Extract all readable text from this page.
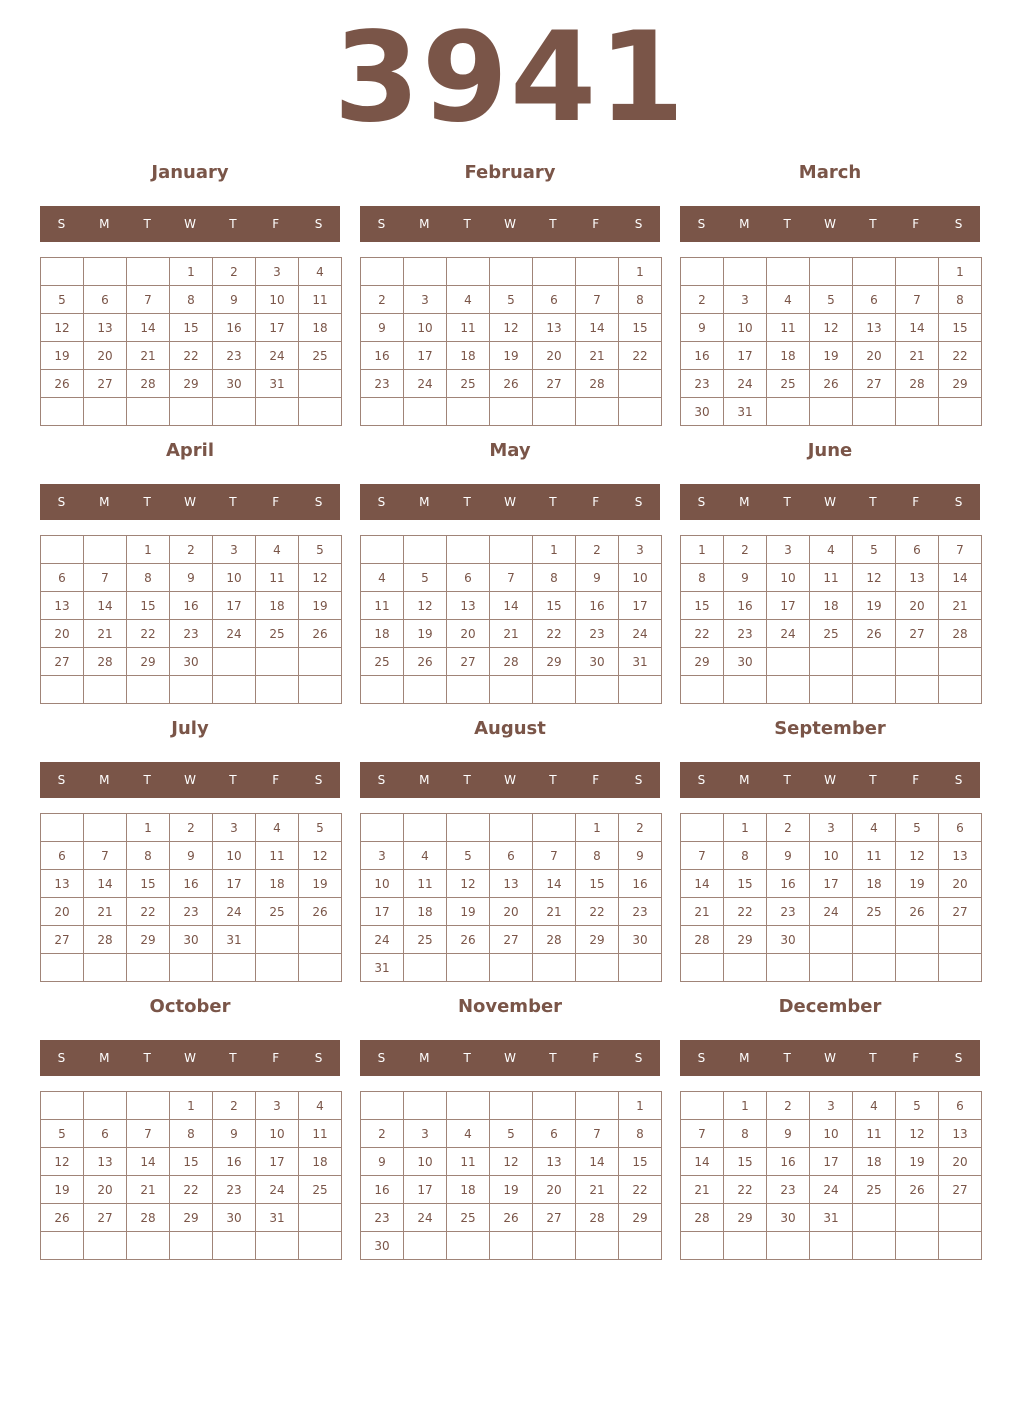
3941
January
S	M	T	W	T	F	S
			1	2	3	4
5	6	7	8	9	10	11
12	13	14	15	16	17	18
19	20	21	22	23	24	25
26	27	28	29	30	31	

February
S	M	T	W	T	F	S
						1
2	3	4	5	6	7	8
9	10	11	12	13	14	15
16	17	18	19	20	21	22
23	24	25	26	27	28	

March
S	M	T	W	T	F	S
						1
2	3	4	5	6	7	8
9	10	11	12	13	14	15
16	17	18	19	20	21	22
23	24	25	26	27	28	29
30	31					
April
S	M	T	W	T	F	S
		1	2	3	4	5
6	7	8	9	10	11	12
13	14	15	16	17	18	19
20	21	22	23	24	25	26
27	28	29	30			

May
S	M	T	W	T	F	S
				1	2	3
4	5	6	7	8	9	10
11	12	13	14	15	16	17
18	19	20	21	22	23	24
25	26	27	28	29	30	31

June
S	M	T	W	T	F	S
1	2	3	4	5	6	7
8	9	10	11	12	13	14
15	16	17	18	19	20	21
22	23	24	25	26	27	28
29	30					

July
S	M	T	W	T	F	S
		1	2	3	4	5
6	7	8	9	10	11	12
13	14	15	16	17	18	19
20	21	22	23	24	25	26
27	28	29	30	31		

August
S	M	T	W	T	F	S
					1	2
3	4	5	6	7	8	9
10	11	12	13	14	15	16
17	18	19	20	21	22	23
24	25	26	27	28	29	30
31						
September
S	M	T	W	T	F	S
	1	2	3	4	5	6
7	8	9	10	11	12	13
14	15	16	17	18	19	20
21	22	23	24	25	26	27
28	29	30				

October
S	M	T	W	T	F	S
			1	2	3	4
5	6	7	8	9	10	11
12	13	14	15	16	17	18
19	20	21	22	23	24	25
26	27	28	29	30	31	

November
S	M	T	W	T	F	S
						1
2	3	4	5	6	7	8
9	10	11	12	13	14	15
16	17	18	19	20	21	22
23	24	25	26	27	28	29
30						
December
S	M	T	W	T	F	S
	1	2	3	4	5	6
7	8	9	10	11	12	13
14	15	16	17	18	19	20
21	22	23	24	25	26	27
28	29	30	31			
